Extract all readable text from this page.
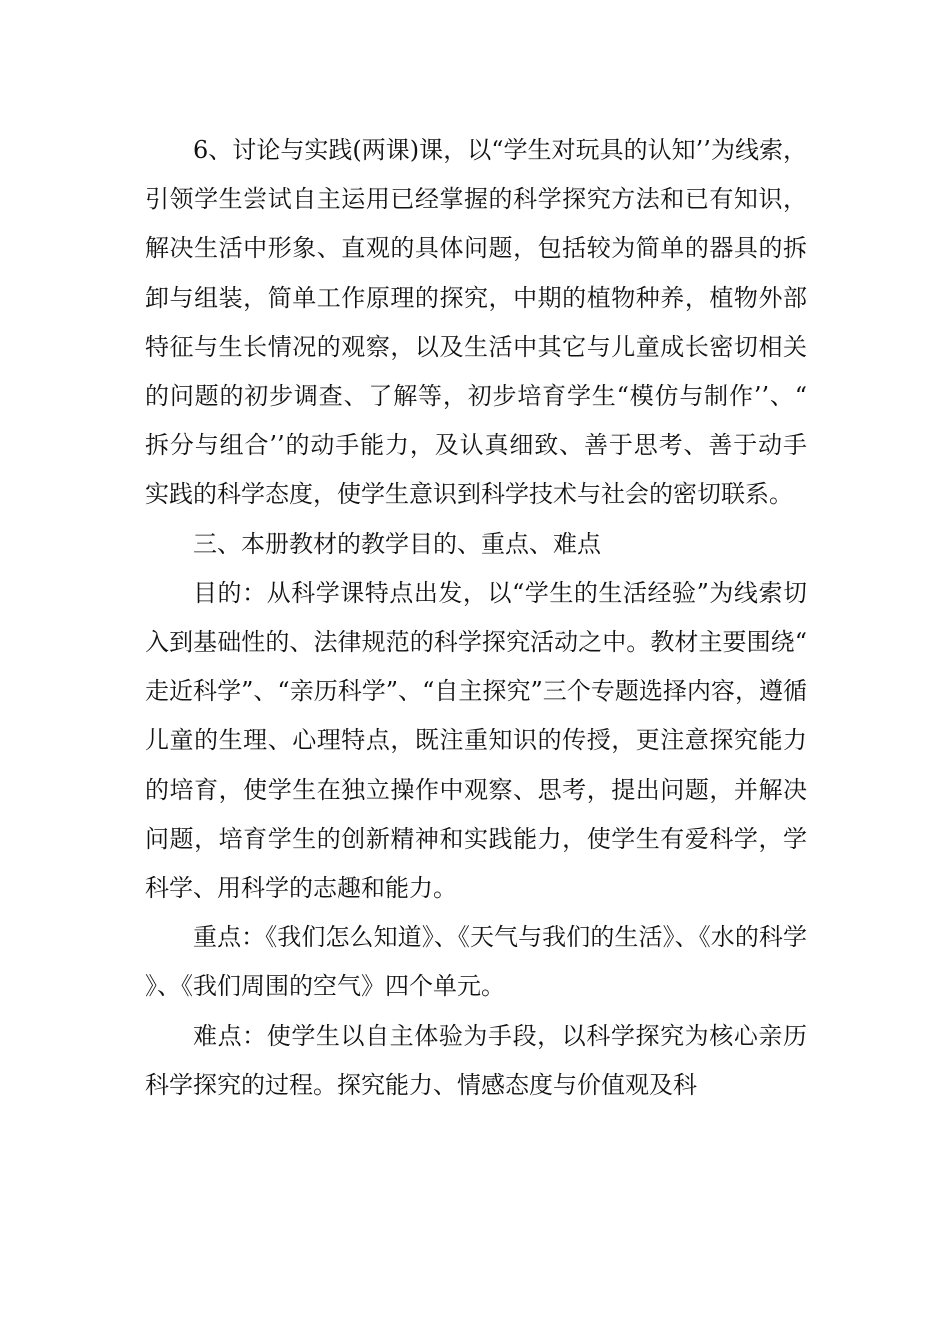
6、讨论与实践(两课)课，以“学生对玩具的认知’’为线索，引领学生尝试自主运用已经掌握的科学探究方法和已有知识，解决生活中形象、直观的具体问题，包括较为简单的器具的拆卸与组装，简单工作原理的探究，中期的植物种养，植物外部特征与生长情况的观察，以及生活中其它与儿童成长密切相关的问题的初步调查、了解等，初步培育学生“模仿与制作’’、“拆分与组合’’的动手能力，及认真细致、善于思考、善于动手实践的科学态度，使学生意识到科学技术与社会的密切联系。

三、本册教材的教学目的、重点、难点

目的：从科学课特点出发，以“学生的生活经验”为线索切入到基础性的、法律规范的科学探究活动之中。教材主要围绕“走近科学”、“亲历科学”、“自主探究”三个专题选择内容，遵循儿童的生理、心理特点，既注重知识的传授，更注意探究能力的培育，使学生在独立操作中观察、思考，提出问题，并解决问题，培育学生的创新精神和实践能力，使学生有爱科学，学科学、用科学的志趣和能力。

重点：《我们怎么知道》、《天气与我们的生活》、《水的科学》、《我们周围的空气》四个单元。

难点：使学生以自主体验为手段，以科学探究为核心亲历科学探究的过程。探究能力、情感态度与价值观及科
